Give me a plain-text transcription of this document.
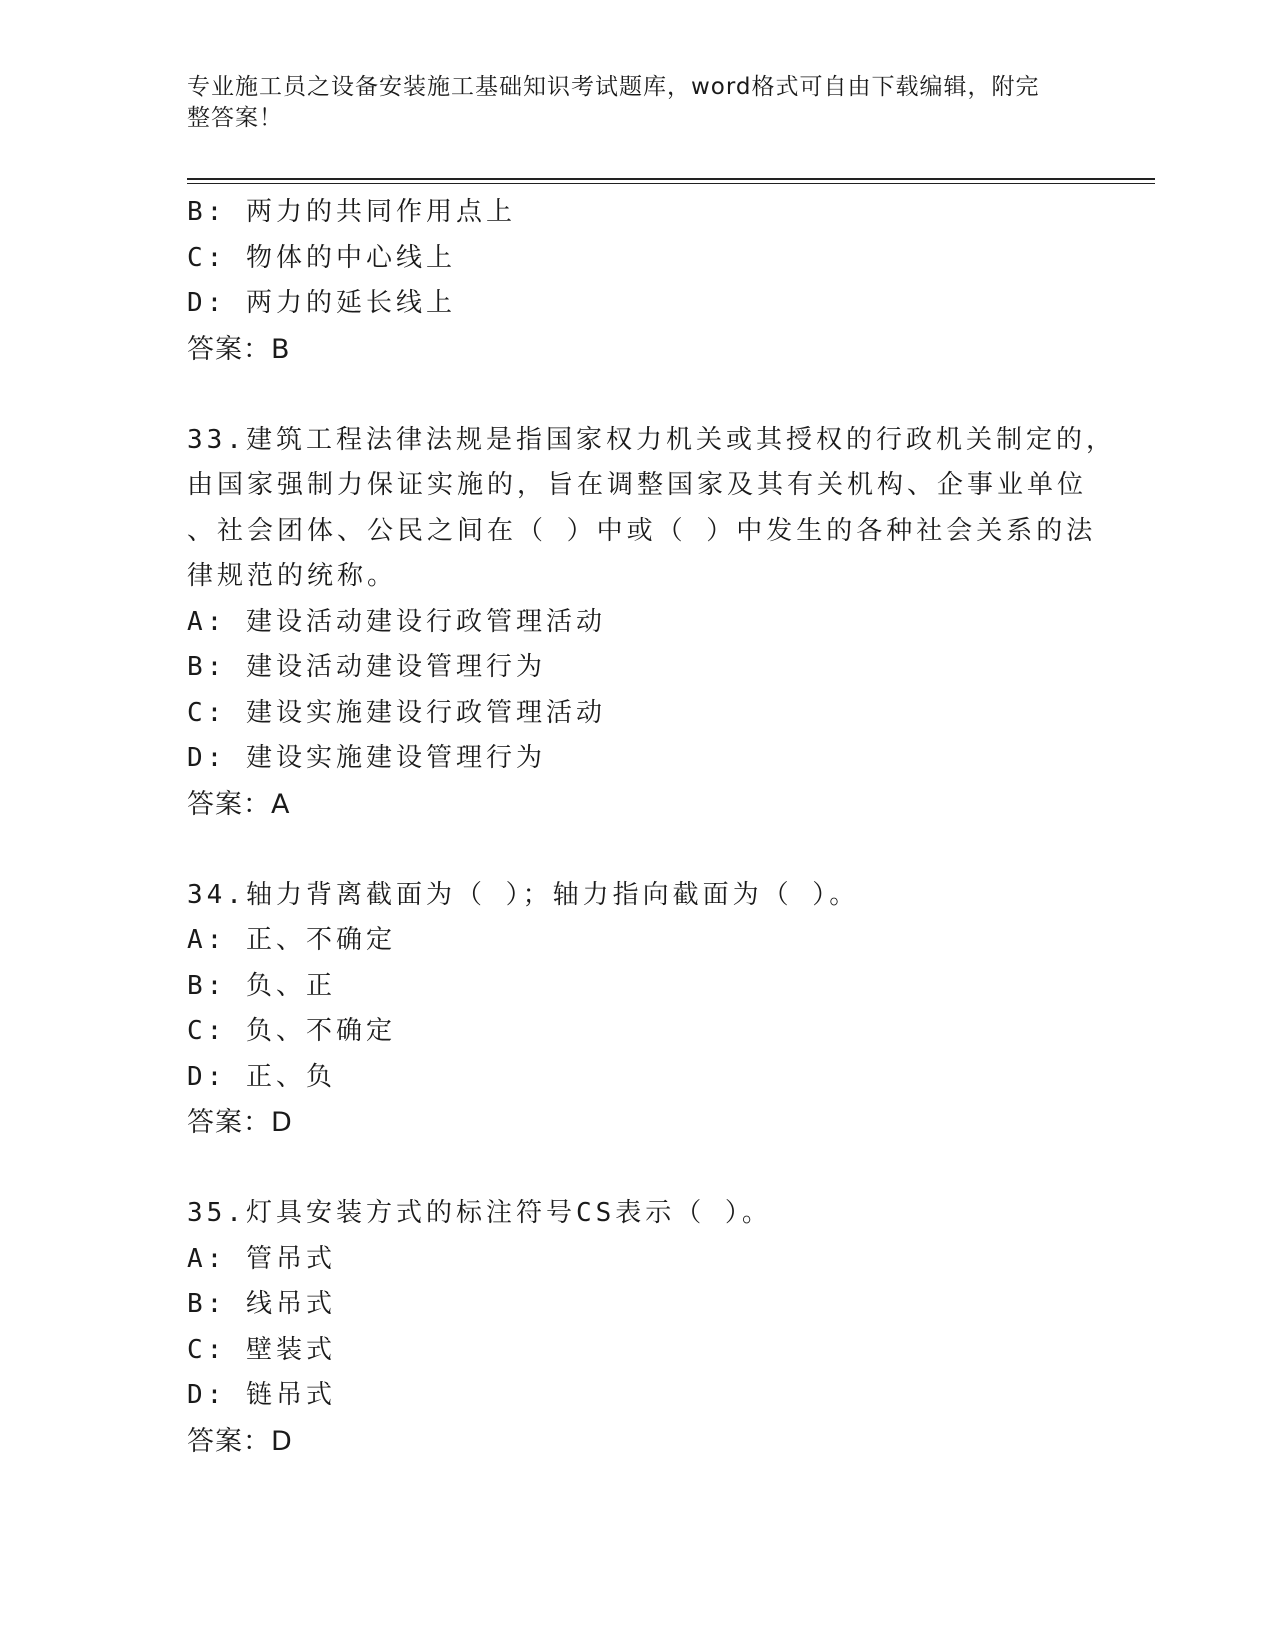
专业施工员之设备安装施工基础知识考试题库，word格式可自由下载编辑，附完
整答案！
B: 两力的共同作用点上
C: 物体的中心线上
D: 两力的延长线上
答案：B
33.建筑工程法律法规是指国家权力机关或其授权的行政机关制定的，
由国家强制力保证实施的，旨在调整国家及其有关机构、企事业单位
、社会团体、公民之间在（ ）中或（ ）中发生的各种社会关系的法
律规范的统称。
A: 建设活动建设行政管理活动
B: 建设活动建设管理行为
C: 建设实施建设行政管理活动
D: 建设实施建设管理行为
答案：A
34.轴力背离截面为（ ）；轴力指向截面为（ ）。
A: 正、不确定
B: 负、正
C: 负、不确定
D: 正、负
答案：D
35.灯具安装方式的标注符号CS表示（ ）。
A: 管吊式
B: 线吊式
C: 壁装式
D: 链吊式
答案：D
